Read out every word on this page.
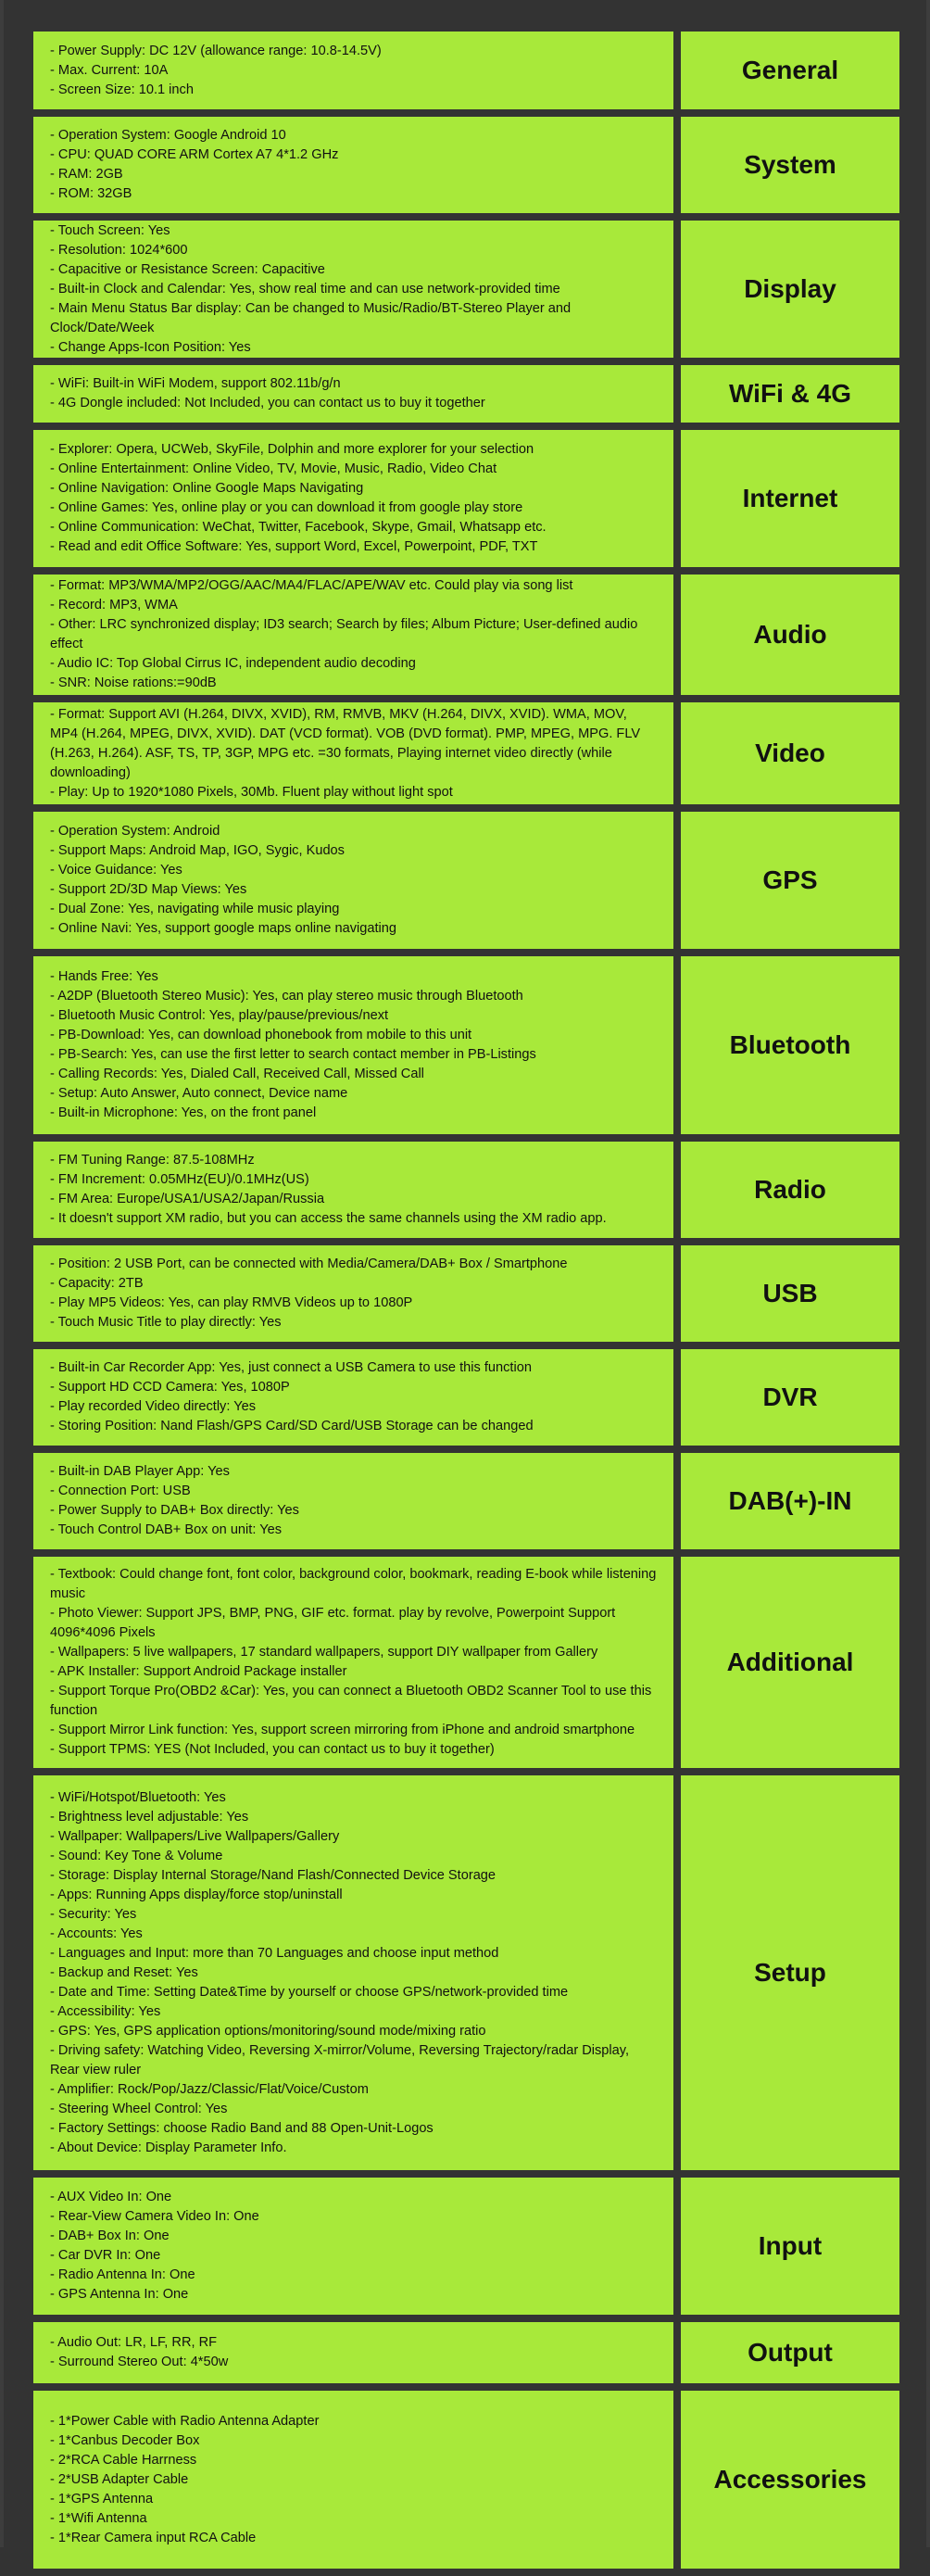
- Power Supply: DC 12V (allowance range: 10.8-14.5V)
- Max. Current: 10A
- Screen Size: 10.1 inch
General
- Operation System: Google Android 10
- CPU: QUAD CORE ARM Cortex A7 4*1.2 GHz
- RAM: 2GB
- ROM: 32GB
System
- Touch Screen: Yes
- Resolution: 1024*600
- Capacitive or Resistance Screen: Capacitive
- Built-in Clock and Calendar: Yes, show real time and can use network-provided time
- Main Menu Status Bar display: Can be changed to Music/Radio/BT-Stereo Player and Clock/Date/Week
- Change Apps-Icon Position: Yes
Display
- WiFi: Built-in WiFi Modem, support 802.11b/g/n
- 4G Dongle included: Not Included, you can contact us to buy it together	WiFi & 4G
- Explorer: Opera, UCWeb, SkyFile, Dolphin and more explorer for your selection
- Online Entertainment: Online Video, TV, Movie, Music, Radio, Video Chat
- Online Navigation: Online Google Maps Navigating
- Online Games: Yes, online play or you can download it from google play store
- Online Communication: WeChat, Twitter, Facebook, Skype, Gmail, Whatsapp etc.
- Read and edit Office Software: Yes, support Word, Excel, Powerpoint, PDF, TXT
Internet
- Format: MP3/WMA/MP2/OGG/AAC/MA4/FLAC/APE/WAV etc. Could play via song list
- Record: MP3, WMA
- Other: LRC synchronized display; ID3 search; Search by files; Album Picture; User-defined audio effect
- Audio IC: Top Global Cirrus IC, independent audio decoding
- SNR: Noise rations:=90dB
Audio
- Format: Support AVI (H.264, DIVX, XVID), RM, RMVB, MKV (H.264, DIVX, XVID). WMA, MOV, MP4 (H.264, MPEG, DIVX, XVID). DAT (VCD format). VOB (DVD format). PMP, MPEG, MPG. FLV (H.263, H.264). ASF, TS, TP, 3GP, MPG etc. =30 formats, Playing internet video directly (while downloading)
- Play: Up to 1920*1080 Pixels, 30Mb. Fluent play without light spot
Video
- Operation System: Android
- Support Maps: Android Map, IGO, Sygic, Kudos
- Voice Guidance: Yes
- Support 2D/3D Map Views: Yes
- Dual Zone: Yes, navigating while music playing
- Online Navi: Yes, support google maps online navigating
GPS
- Hands Free: Yes
- A2DP (Bluetooth Stereo Music): Yes, can play stereo music through Bluetooth
- Bluetooth Music Control: Yes, play/pause/previous/next
- PB-Download: Yes, can download phonebook from mobile to this unit
- PB-Search: Yes, can use the first letter to search contact member in PB-Listings
- Calling Records: Yes, Dialed Call, Received Call, Missed Call
- Setup: Auto Answer, Auto connect, Device name
- Built-in Microphone: Yes, on the front panel
Bluetooth
- FM Tuning Range: 87.5-108MHz
- FM Increment: 0.05MHz(EU)/0.1MHz(US)
- FM Area: Europe/USA1/USA2/Japan/Russia
- It doesn't support XM radio, but you can access the same channels using the XM radio app.
Radio
- Position: 2 USB Port, can be connected with Media/Camera/DAB+ Box / Smartphone
- Capacity: 2TB
- Play MP5 Videos: Yes, can play RMVB Videos up to 1080P
- Touch Music Title to play directly: Yes
USB
- Built-in Car Recorder App: Yes, just connect a USB Camera to use this function
- Support HD CCD Camera: Yes, 1080P
- Play recorded Video directly: Yes
- Storing Position: Nand Flash/GPS Card/SD Card/USB Storage can be changed
DVR
- Built-in DAB Player App: Yes
- Connection Port: USB
- Power Supply to DAB+ Box directly: Yes
- Touch Control DAB+ Box on unit: Yes
DAB(+)-IN
- Textbook: Could change font, font color, background color, bookmark, reading E-book while listening music
- Photo Viewer: Support JPS, BMP, PNG, GIF etc. format. play by revolve, Powerpoint Support 4096*4096 Pixels
- Wallpapers: 5 live wallpapers, 17 standard wallpapers, support DIY wallpaper from Gallery
- APK Installer: Support Android Package installer
- Support Torque Pro(OBD2 &Car): Yes, you can connect a Bluetooth OBD2 Scanner Tool to use this function
- Support Mirror Link function: Yes, support screen mirroring from iPhone and android smartphone
- Support TPMS: YES (Not Included, you can contact us to buy it together)
Additional
- WiFi/Hotspot/Bluetooth: Yes
- Brightness level adjustable: Yes
- Wallpaper: Wallpapers/Live Wallpapers/Gallery
- Sound: Key Tone & Volume
- Storage: Display Internal Storage/Nand Flash/Connected Device Storage
- Apps: Running Apps display/force stop/uninstall
- Security: Yes
- Accounts: Yes
- Languages and Input: more than 70 Languages and choose input method
- Backup and Reset: Yes
- Date and Time: Setting Date&Time by yourself or choose GPS/network-provided time
- Accessibility: Yes
- GPS: Yes, GPS application options/monitoring/sound mode/mixing ratio
- Driving safety: Watching Video, Reversing X-mirror/Volume, Reversing Trajectory/radar Display, Rear view ruler
- Amplifier: Rock/Pop/Jazz/Classic/Flat/Voice/Custom
- Steering Wheel Control: Yes
- Factory Settings: choose Radio Band and 88 Open-Unit-Logos
- About Device: Display Parameter Info.
Setup
- AUX Video In: One
- Rear-View Camera Video In: One
- DAB+ Box In: One
- Car DVR In: One
- Radio Antenna In: One
- GPS Antenna In: One
Input
- Audio Out: LR, LF, RR, RF
- Surround Stereo Out: 4*50w	Output
- 1*Power Cable with Radio Antenna Adapter
- 1*Canbus Decoder Box
- 2*RCA Cable Harrness
- 2*USB Adapter Cable
- 1*GPS Antenna
- 1*Wifi Antenna
- 1*Rear Camera input RCA Cable
Accessories
